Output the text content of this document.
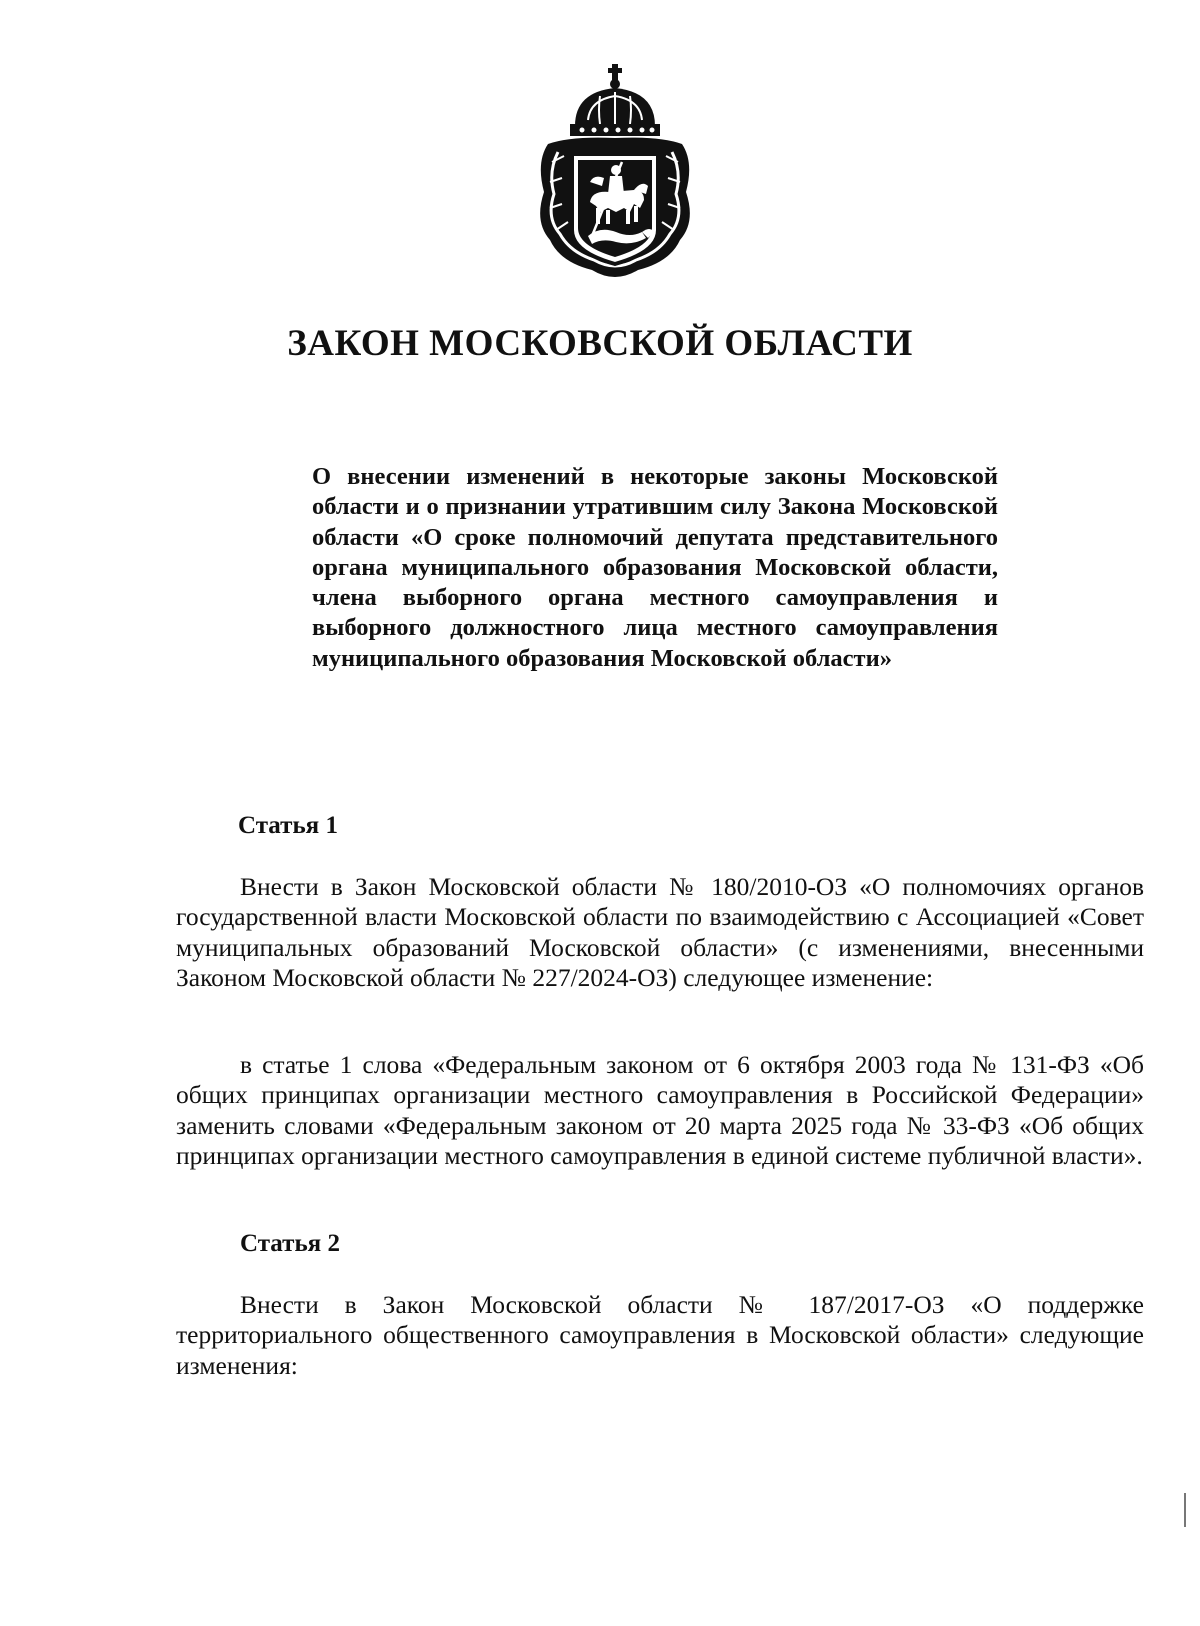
ЗАКОН МОСКОВСКОЙ ОБЛАСТИ

О внесении изменений в некоторые законы Московской области и о признании утратившим силу Закона Московской области «О сроке полномочий депутата представительного органа муниципального образования Московской области, члена выборного органа местного самоуправления и выборного должностного лица местного самоуправления муниципального образования Московской области»

Статья 1

Внести в Закон Московской области № 180/2010-ОЗ «О полномочиях органов государственной власти Московской области по взаимодействию с Ассоциацией «Совет муниципальных образований Московской области» (с изменениями, внесенными Законом Московской области № 227/2024-ОЗ) следующее изменение:

в статье 1 слова «Федеральным законом от 6 октября 2003 года № 131-ФЗ «Об общих принципах организации местного самоуправления в Российской Федерации» заменить словами «Федеральным законом от 20 марта 2025 года № 33-ФЗ «Об общих принципах организации местного самоуправления в единой системе публичной власти».

Статья 2

Внести в Закон Московской области № 187/2017-ОЗ «О поддержке территориального общественного самоуправления в Московской области» следующие изменения:
